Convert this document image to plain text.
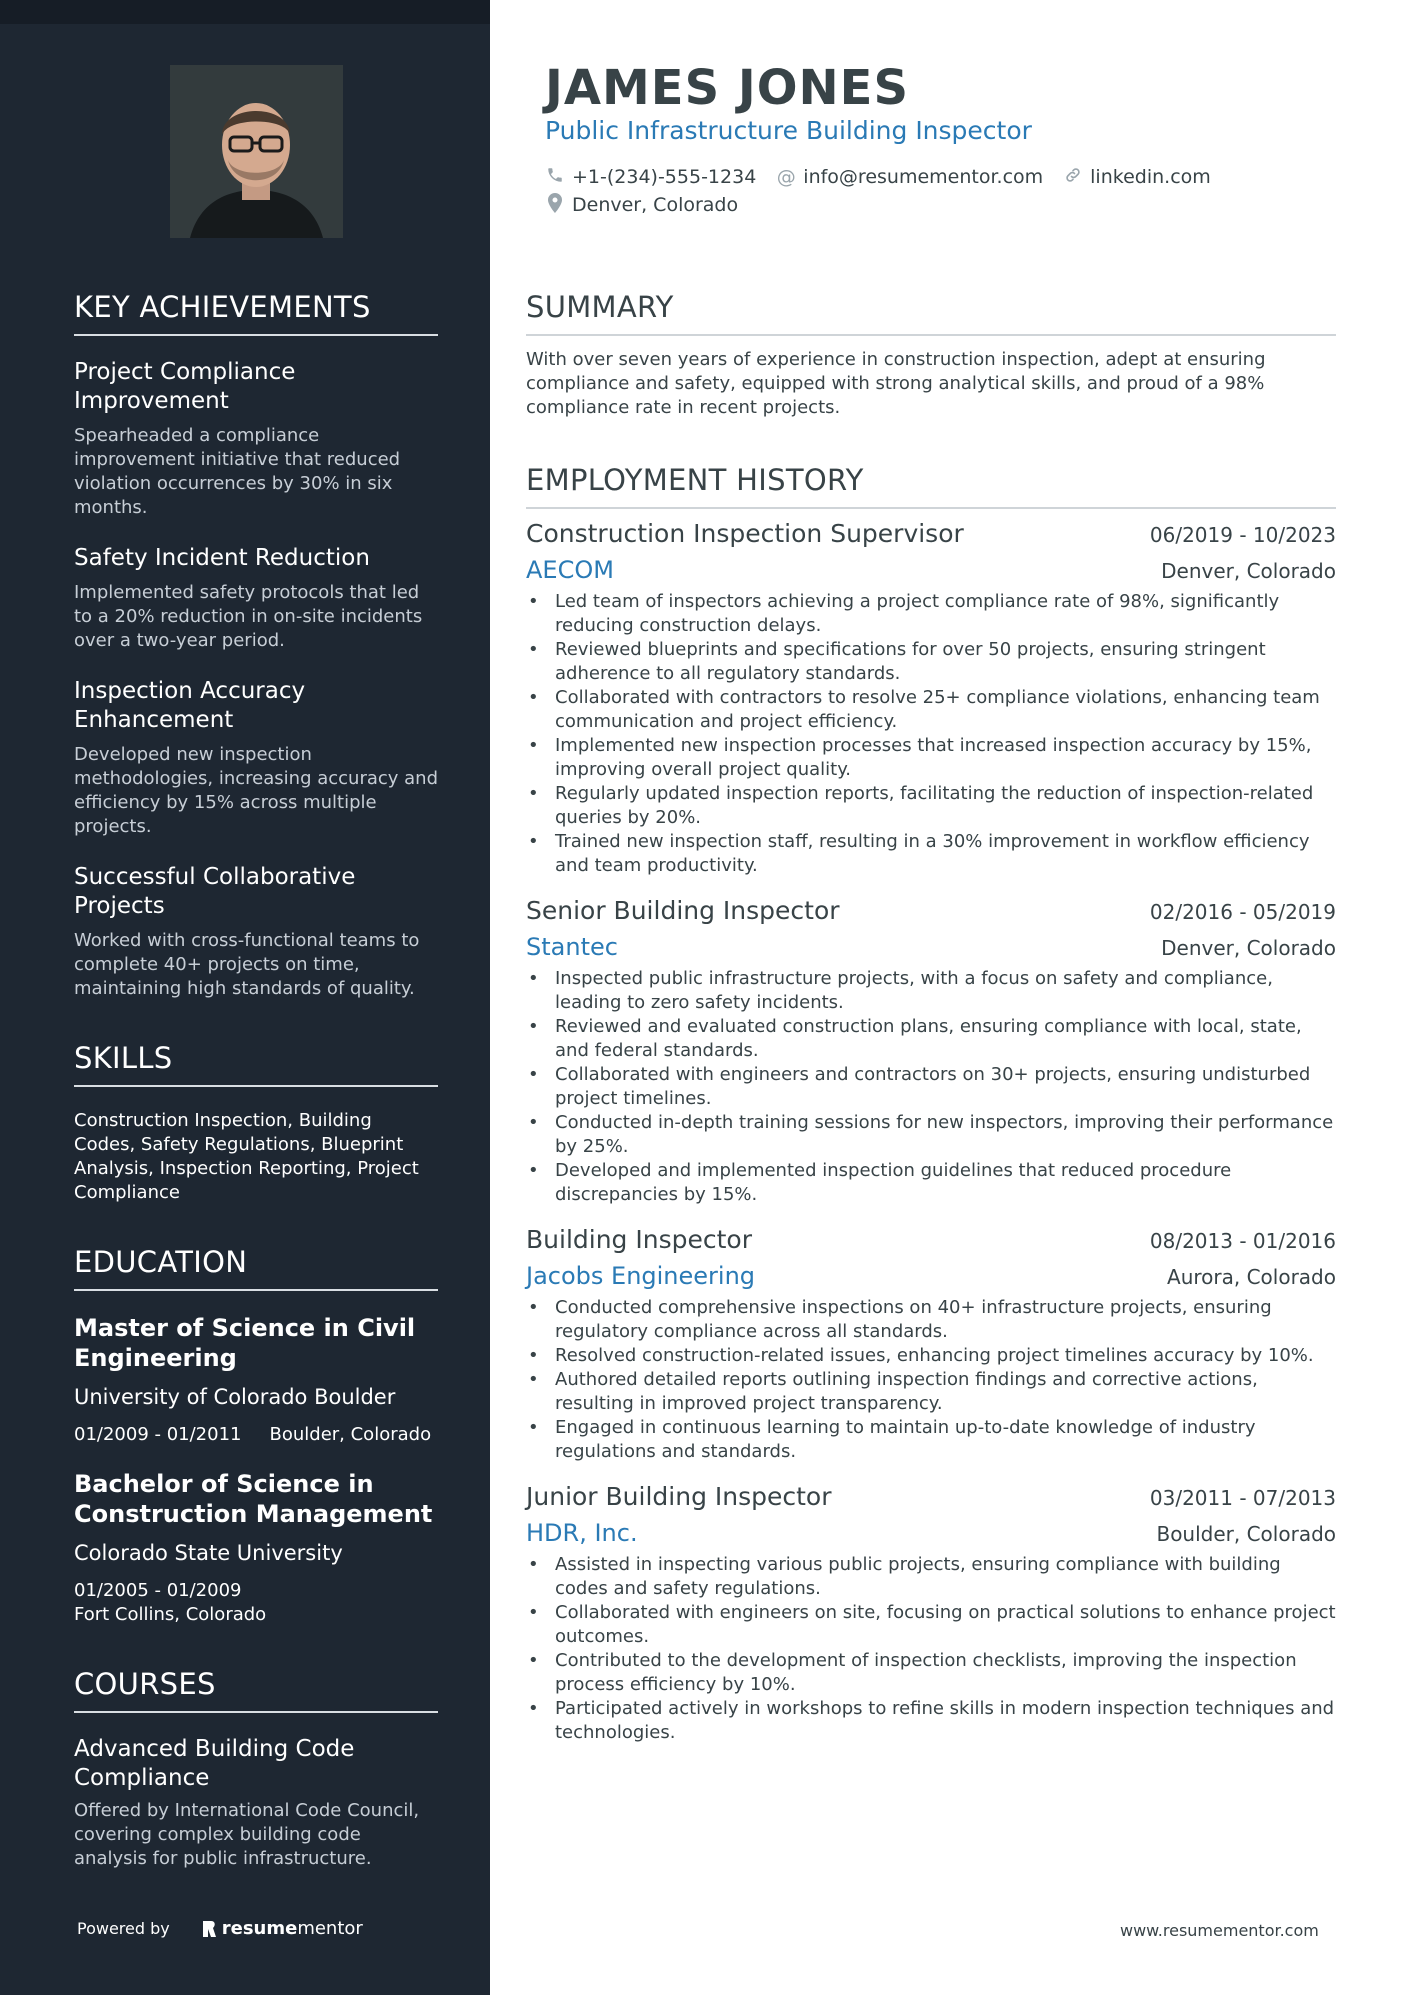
KEY ACHIEVEMENTS
Project Compliance Improvement
Spearheaded a compliance improvement initiative that reduced violation occurrences by 30% in six months.
Safety Incident Reduction
Implemented safety protocols that led to a 20% reduction in on-site incidents over a two-year period.
Inspection Accuracy Enhancement
Developed new inspection methodologies, increasing accuracy and efficiency by 15% across multiple projects.
Successful Collaborative Projects
Worked with cross-functional teams to complete 40+ projects on time, maintaining high standards of quality.
SKILLS
Construction Inspection, Building Codes, Safety Regulations, Blueprint Analysis, Inspection Reporting, Project Compliance
EDUCATION
Master of Science in Civil Engineering
University of Colorado Boulder
01/2009 - 01/2011 Boulder, Colorado
Bachelor of Science in Construction Management
Colorado State University
01/2005 - 01/2009
Fort Collins, Colorado
COURSES
Advanced Building Code Compliance
Offered by International Code Council, covering complex building code analysis for public infrastructure.
Powered by	resume mentor
JAMES JONES
Public Infrastructure Building Inspector
+1-(234)-555-1234 @ info@resumementor.com linkedin.com
Denver, Colorado
SUMMARY

With over seven years of experience in construction inspection, adept at ensuring compliance and safety, equipped with strong analytical skills, and proud of a 98% compliance rate in recent projects.

EMPLOYMENT HISTORY
Construction Inspection Supervisor	06/2019 - 10/2023
AECOM	Denver, Colorado
• Led team of inspectors achieving a project compliance rate of 98%, significantly reducing construction delays.
• Reviewed blueprints and specifications for over 50 projects, ensuring stringent adherence to all regulatory standards.
• Collaborated with contractors to resolve 25+ compliance violations, enhancing team communication and project efficiency.
• Implemented new inspection processes that increased inspection accuracy by 15%, improving overall project quality.
• Regularly updated inspection reports, facilitating the reduction of inspection-related queries by 20%.
• Trained new inspection staff, resulting in a 30% improvement in workflow efficiency and team productivity.
Senior Building Inspector	02/2016 - 05/2019
Stantec	Denver, Colorado
• Inspected public infrastructure projects, with a focus on safety and compliance, leading to zero safety incidents.
• Reviewed and evaluated construction plans, ensuring compliance with local, state, and federal standards.
• Collaborated with engineers and contractors on 30+ projects, ensuring undisturbed project timelines.
• Conducted in-depth training sessions for new inspectors, improving their performance by 25%.
• Developed and implemented inspection guidelines that reduced procedure discrepancies by 15%.
Building Inspector	08/2013 - 01/2016
Jacobs Engineering	Aurora, Colorado
• Conducted comprehensive inspections on 40+ infrastructure projects, ensuring regulatory compliance across all standards.
• Resolved construction-related issues, enhancing project timelines accuracy by 10%.
• Authored detailed reports outlining inspection findings and corrective actions, resulting in improved project transparency.
• Engaged in continuous learning to maintain up-to-date knowledge of industry regulations and standards.
Junior Building Inspector	03/2011 - 07/2013
HDR, Inc.	Boulder, Colorado
• Assisted in inspecting various public projects, ensuring compliance with building codes and safety regulations.
• Collaborated with engineers on site, focusing on practical solutions to enhance project outcomes.
• Contributed to the development of inspection checklists, improving the inspection process efficiency by 10%.
• Participated actively in workshops to refine skills in modern inspection techniques and technologies.
www.resumementor.com
